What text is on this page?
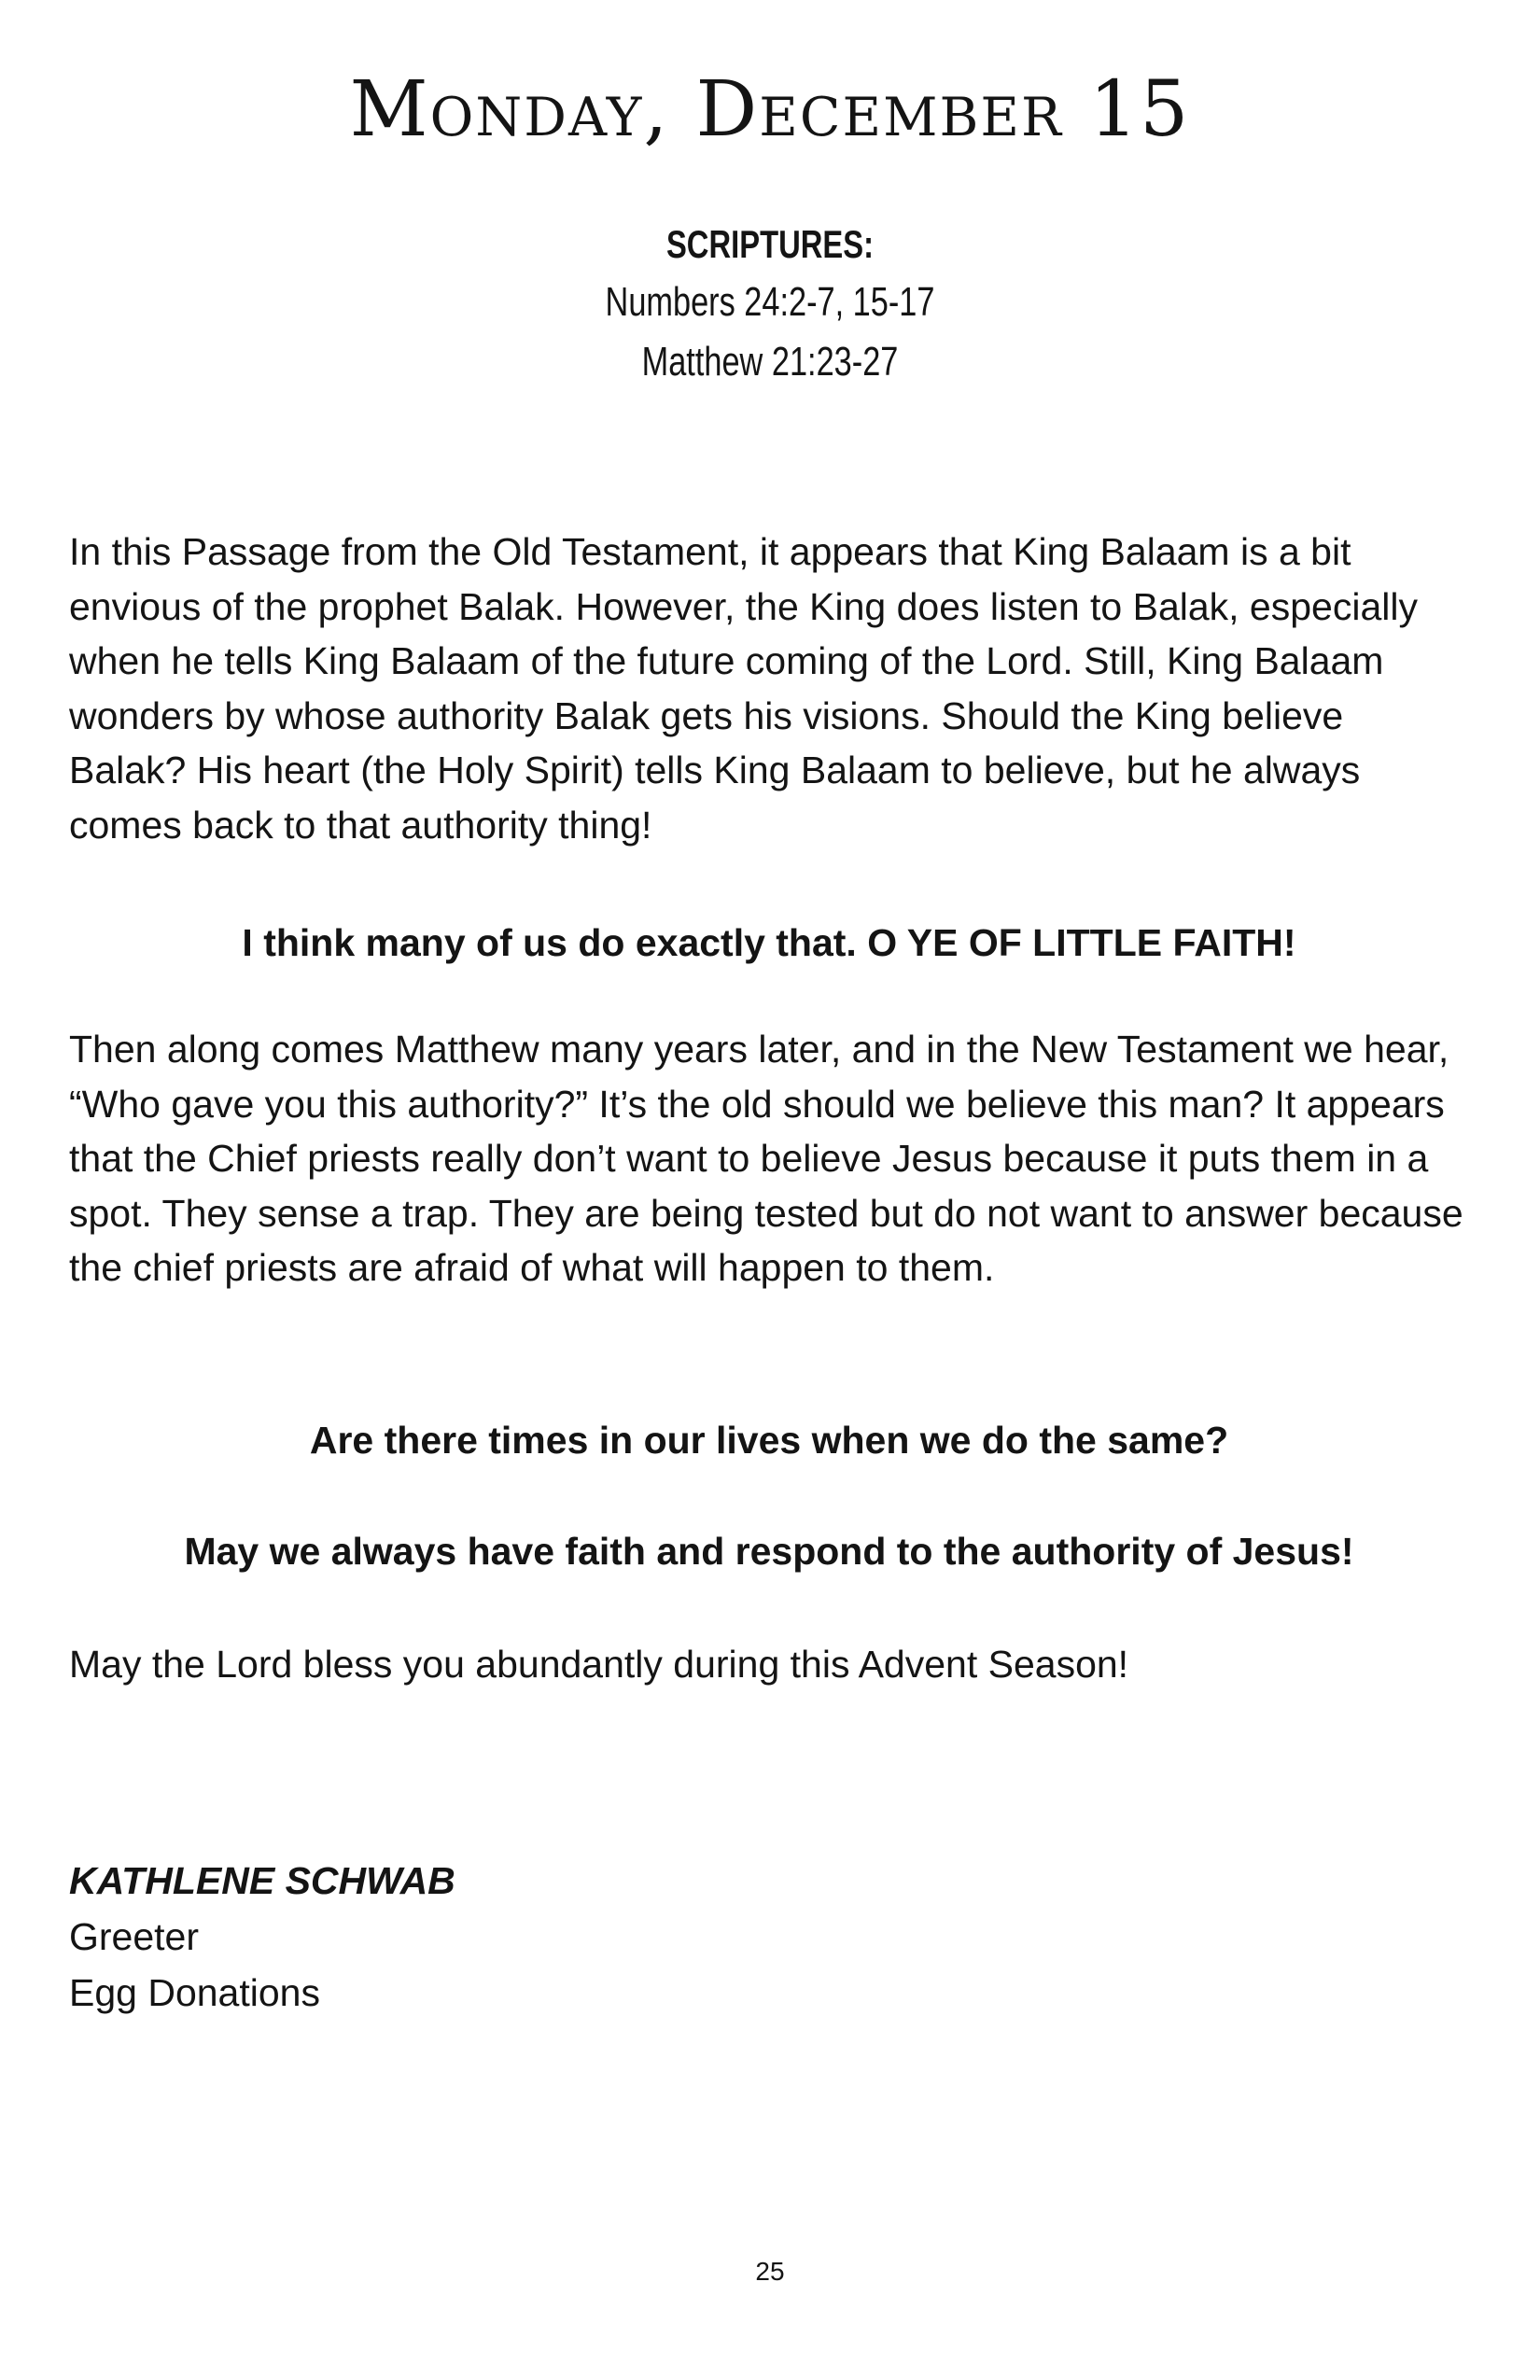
Monday, December 15
SCRIPTURES:
Numbers 24:2-7, 15-17
Matthew 21:23-27

In this Passage from the Old Testament, it appears that King Balaam is a bit envious of the prophet Balak. However, the King does listen to Balak, especially when he tells King Balaam of the future coming of the Lord. Still, King Balaam wonders by whose authority Balak gets his visions. Should the King believe Balak? His heart (the Holy Spirit) tells King Balaam to believe, but he always comes back to that authority thing!

I think many of us do exactly that. O YE OF LITTLE FAITH!

Then along comes Matthew many years later, and in the New Testament we hear, “Who gave you this authority?” It’s the old should we believe this man? It appears that the Chief priests really don’t want to believe Jesus because it puts them in a spot. They sense a trap. They are being tested but do not want to answer because the chief priests are afraid of what will happen to them.

Are there times in our lives when we do the same?

May we always have faith and respond to the authority of Jesus!

May the Lord bless you abundantly during this Advent Season!

KATHLENE SCHWAB
Greeter
Egg Donations
25
